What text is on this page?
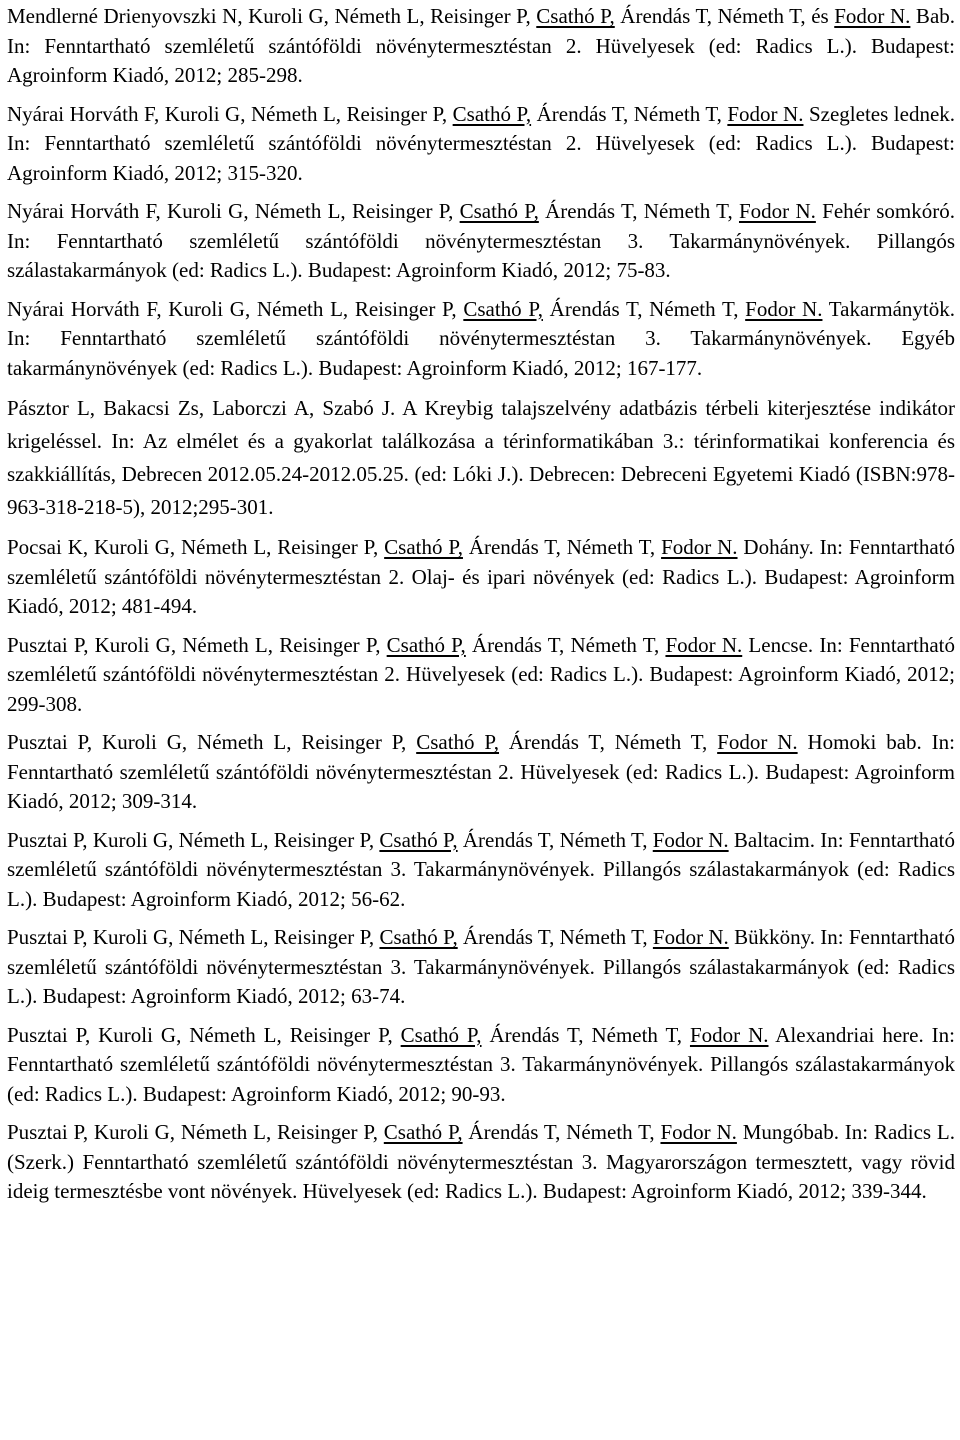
Mendlerné Drienyovszki N, Kuroli G, Németh L, Reisinger P, Csathó P, Árendás T, Németh T, és Fodor N. Bab. In: Fenntartható szemléletű szántóföldi növénytermesztéstan 2. Hüvelyesek (ed: Radics L.). Budapest: Agroinform Kiadó, 2012; 285-298.

Nyárai Horváth F, Kuroli G, Németh L, Reisinger P, Csathó P, Árendás T, Németh T, Fodor N. Szegletes lednek. In: Fenntartható szemléletű szántóföldi növénytermesztéstan 2. Hüvelyesek (ed: Radics L.). Budapest: Agroinform Kiadó, 2012; 315-320.

Nyárai Horváth F, Kuroli G, Németh L, Reisinger P, Csathó P, Árendás T, Németh T, Fodor N. Fehér somkóró. In: Fenntartható szemléletű szántóföldi növénytermesztéstan 3. Takarmánynövények. Pillangós szálastakarmányok (ed: Radics L.). Budapest: Agroinform Kiadó, 2012; 75-83.

Nyárai Horváth F, Kuroli G, Németh L, Reisinger P, Csathó P, Árendás T, Németh T, Fodor N. Takarmánytök. In: Fenntartható szemléletű szántóföldi növénytermesztéstan 3. Takarmánynövények. Egyéb takarmánynövények (ed: Radics L.). Budapest: Agroinform Kiadó, 2012; 167-177.

Pásztor L, Bakacsi Zs, Laborczi A, Szabó J. A Kreybig talajszelvény adatbázis térbeli kiterjesztése indikátor krigeléssel. In: Az elmélet és a gyakorlat találkozása a térinformatikában 3.: térinformatikai konferencia és szakkiállítás, Debrecen 2012.05.24-2012.05.25. (ed: Lóki J.). Debrecen: Debreceni Egyetemi Kiadó (ISBN:978-963-318-218-5), 2012;295-301.

Pocsai K, Kuroli G, Németh L, Reisinger P, Csathó P, Árendás T, Németh T, Fodor N. Dohány. In: Fenntartható szemléletű szántóföldi növénytermesztéstan 2. Olaj- és ipari növények (ed: Radics L.). Budapest: Agroinform Kiadó, 2012; 481-494.

Pusztai P, Kuroli G, Németh L, Reisinger P, Csathó P, Árendás T, Németh T, Fodor N. Lencse. In: Fenntartható szemléletű szántóföldi növénytermesztéstan 2. Hüvelyesek (ed: Radics L.). Budapest: Agroinform Kiadó, 2012; 299-308.

Pusztai P, Kuroli G, Németh L, Reisinger P, Csathó P, Árendás T, Németh T, Fodor N. Homoki bab. In: Fenntartható szemléletű szántóföldi növénytermesztéstan 2. Hüvelyesek (ed: Radics L.). Budapest: Agroinform Kiadó, 2012; 309-314.

Pusztai P, Kuroli G, Németh L, Reisinger P, Csathó P, Árendás T, Németh T, Fodor N. Baltacim. In: Fenntartható szemléletű szántóföldi növénytermesztéstan 3. Takarmánynövények. Pillangós szálastakarmányok (ed: Radics L.). Budapest: Agroinform Kiadó, 2012; 56-62.

Pusztai P, Kuroli G, Németh L, Reisinger P, Csathó P, Árendás T, Németh T, Fodor N. Bükköny. In: Fenntartható szemléletű szántóföldi növénytermesztéstan 3. Takarmánynövények. Pillangós szálastakarmányok (ed: Radics L.). Budapest: Agroinform Kiadó, 2012; 63-74.

Pusztai P, Kuroli G, Németh L, Reisinger P, Csathó P, Árendás T, Németh T, Fodor N. Alexandriai here. In: Fenntartható szemléletű szántóföldi növénytermesztéstan 3. Takarmánynövények. Pillangós szálastakarmányok (ed: Radics L.). Budapest: Agroinform Kiadó, 2012; 90-93.

Pusztai P, Kuroli G, Németh L, Reisinger P, Csathó P, Árendás T, Németh T, Fodor N. Mungóbab. In: Radics L. (Szerk.) Fenntartható szemléletű szántóföldi növénytermesztéstan 3. Magyarországon termesztett, vagy rövid ideig termesztésbe vont növények. Hüvelyesek (ed: Radics L.). Budapest: Agroinform Kiadó, 2012; 339-344.
